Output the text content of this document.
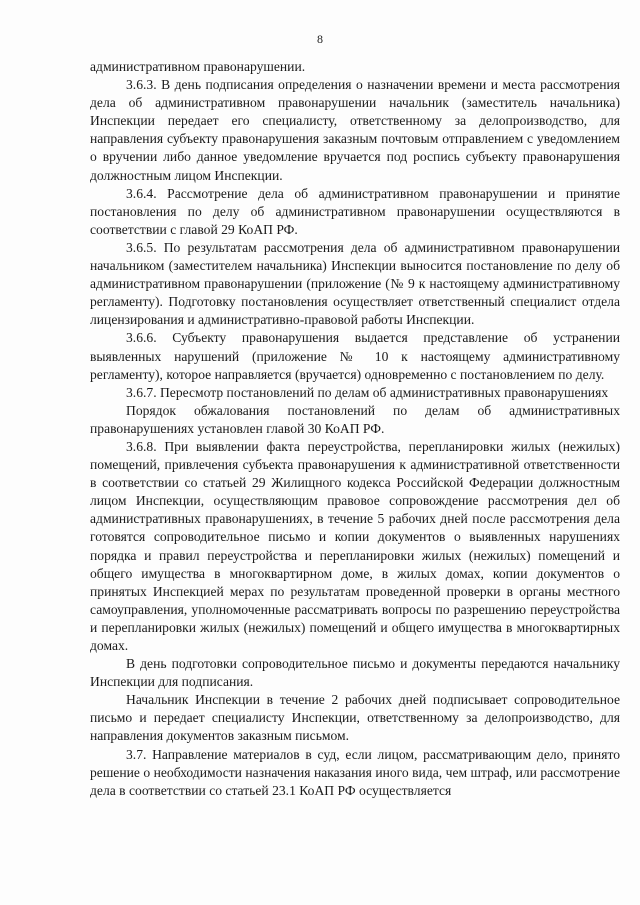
8

административном правонарушении.

3.6.3. В день подписания определения о назначении времени и места рассмотрения дела об административном правонарушении начальник (заместитель начальника) Инспекции передает его специалисту, ответственному за делопроизводство, для направления субъекту правонарушения заказным почтовым отправлением с уведомлением о вручении либо данное уведомление вручается под роспись субъекту правонарушения должностным лицом Инспекции.

3.6.4. Рассмотрение дела об административном правонарушении и принятие постановления по делу об административном правонарушении осуществляются в соответствии с главой 29 КоАП РФ.

3.6.5. По результатам рассмотрения дела об административном правонарушении начальником (заместителем начальника) Инспекции выносится постановление по делу об административном правонарушении (приложение (№ 9 к настоящему административному регламенту). Подготовку постановления осуществляет ответственный специалист отдела лицензирования и административно-правовой работы Инспекции.

3.6.6. Субъекту правонарушения выдается представление об устранении выявленных нарушений (приложение № 10 к настоящему административному регламенту), которое направляется (вручается) одновременно с постановлением по делу.

3.6.7. Пересмотр постановлений по делам об административных правонарушениях

Порядок обжалования постановлений по делам об административных правонарушениях установлен главой 30 КоАП РФ.

3.6.8. При выявлении факта переустройства, перепланировки жилых (нежилых) помещений, привлечения субъекта правонарушения к административной ответственности в соответствии со статьей 29 Жилищного кодекса Российской Федерации должностным лицом Инспекции, осуществляющим правовое сопровождение рассмотрения дел об административных правонарушениях, в течение 5 рабочих дней после рассмотрения дела готовятся сопроводительное письмо и копии документов о выявленных нарушениях порядка и правил переустройства и перепланировки жилых (нежилых) помещений и общего имущества в многоквартирном доме, в жилых домах, копии документов о принятых Инспекцией мерах по результатам проведенной проверки в органы местного самоуправления, уполномоченные рассматривать вопросы по разрешению переустройства и перепланировки жилых (нежилых) помещений и общего имущества в многоквартирных домах.

В день подготовки сопроводительное письмо и документы передаются начальнику Инспекции для подписания.

Начальник Инспекции в течение 2 рабочих дней подписывает сопроводительное письмо и передает специалисту Инспекции, ответственному за делопроизводство, для направления документов заказным письмом.

3.7. Направление материалов в суд, если лицом, рассматривающим дело, принято решение о необходимости назначения наказания иного вида, чем штраф, или рассмотрение дела в соответствии со статьей 23.1 КоАП РФ осуществляется
